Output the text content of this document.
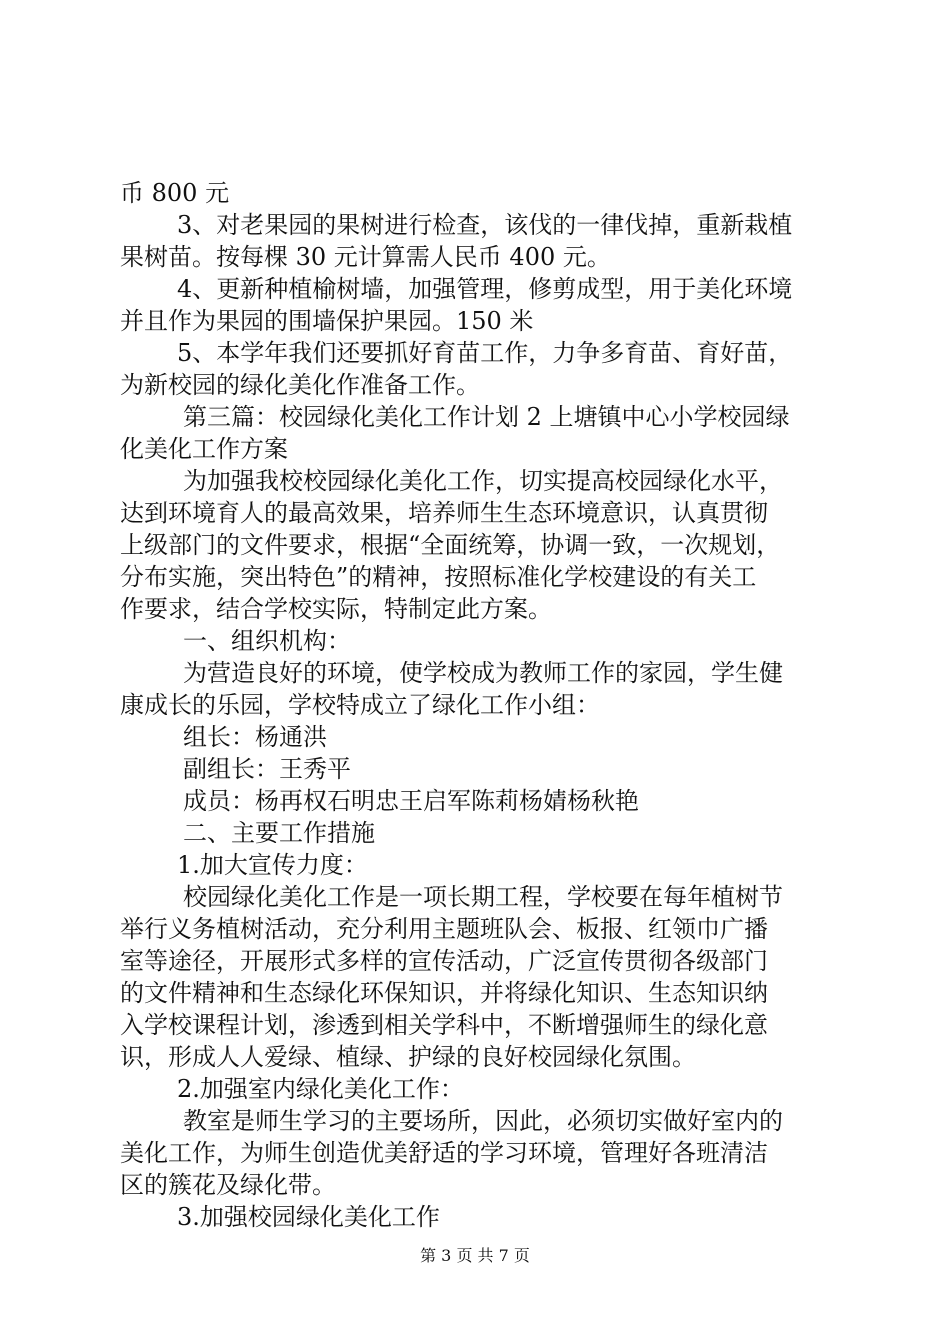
币 800 元
3、对老果园的果树进行检查，该伐的一律伐掉，重新栽植
果树苗。按每棵 30 元计算需人民币 400 元。
4、更新种植榆树墙，加强管理，修剪成型，用于美化环境
并且作为果园的围墙保护果园。150 米
5、本学年我们还要抓好育苗工作，力争多育苗、育好苗，
为新校园的绿化美化作准备工作。
第三篇：校园绿化美化工作计划 2 上塘镇中心小学校园绿
化美化工作方案
为加强我校校园绿化美化工作，切实提高校园绿化水平，
达到环境育人的最高效果，培养师生生态环境意识，认真贯彻
上级部门的文件要求，根据“全面统筹，协调一致，一次规划，
分布实施，突出特色”的精神，按照标准化学校建设的有关工
作要求，结合学校实际，特制定此方案。
一、组织机构：
为营造良好的环境，使学校成为教师工作的家园，学生健
康成长的乐园，学校特成立了绿化工作小组：
组长：杨通洪
副组长：王秀平
成员：杨再权石明忠王启军陈莉杨婧杨秋艳
二、主要工作措施
1.加大宣传力度：
校园绿化美化工作是一项长期工程，学校要在每年植树节
举行义务植树活动，充分利用主题班队会、板报、红领巾广播
室等途径，开展形式多样的宣传活动，广泛宣传贯彻各级部门
的文件精神和生态绿化环保知识，并将绿化知识、生态知识纳
入学校课程计划，渗透到相关学科中，不断增强师生的绿化意
识，形成人人爱绿、植绿、护绿的良好校园绿化氛围。
2.加强室内绿化美化工作：
教室是师生学习的主要场所，因此，必须切实做好室内的
美化工作，为师生创造优美舒适的学习环境，管理好各班清洁
区的簇花及绿化带。
3.加强校园绿化美化工作
第 3 页 共 7 页
